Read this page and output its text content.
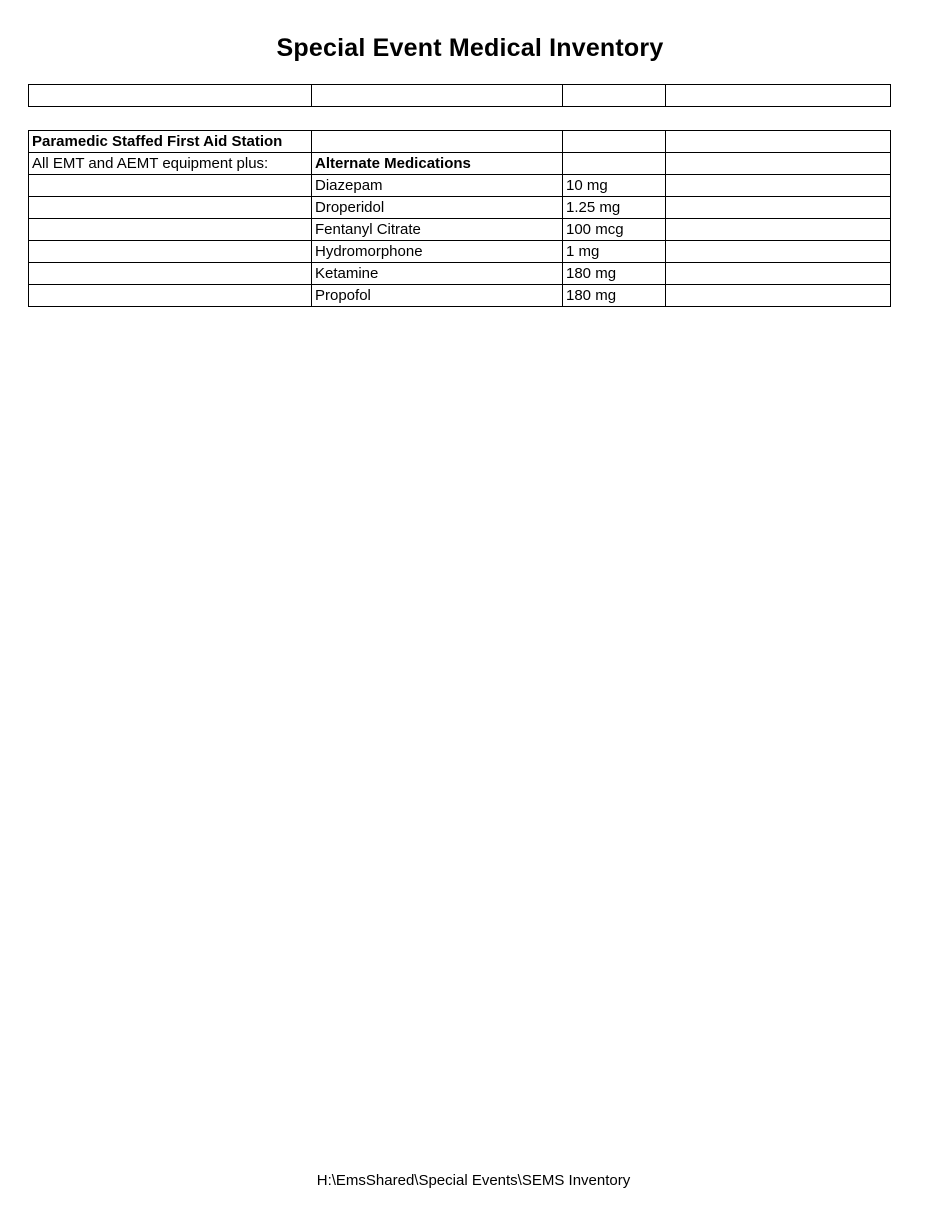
Special Event Medical Inventory

Paramedic Staffed First Aid Station			
All EMT and AEMT equipment plus:	Alternate Medications		
	Diazepam	10 mg	
	Droperidol	1.25 mg	
	Fentanyl Citrate	100 mcg	
	Hydromorphone	1 mg	
	Ketamine	180 mg	
	Propofol	180 mg	
H:\EmsShared\Special Events\SEMS Inventory
